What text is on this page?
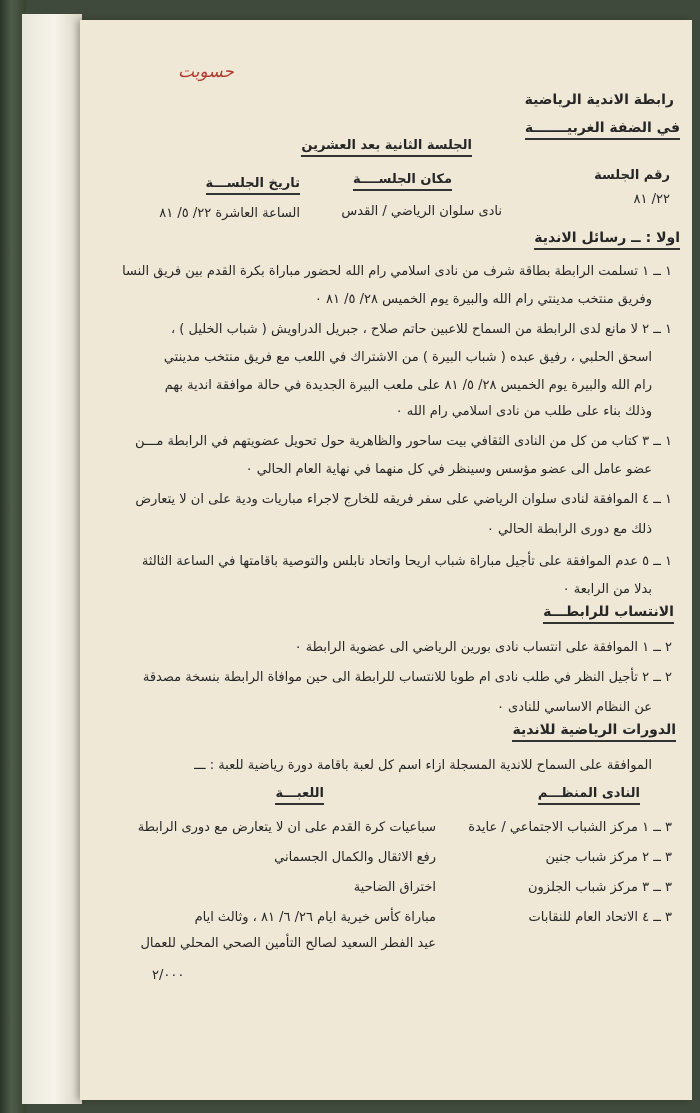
ﺣﺴﻮﺑﺖ
رابطة الاندية الرياضية
في الضفة الغربيـــــــة
الجلسة الثانية بعد العشرين
رقم الجلسة
٢٢/ ٨١
مكان الجلســــة
نادى سلوان الرياضي / القدس
تاريخ الجلســـة
الساعة العاشرة ٢٢/ ٥/ ٨١
اولا : ــ رسائل الاندية
١ ــ ١ تسلمت الرابطة بطاقة شرف من نادى اسلامي رام الله لحضور مباراة بكرة القدم بين فريق النسا
وفريق منتخب مدينتي رام الله والبيرة يوم الخميس ٢٨/ ٥/ ٨١ ٠
١ ــ ٢ لا مانع لدى الرابطة من السماح للاعبين حاتم صلاح ، جبريل الدراويش ( شباب الخليل ) ،
اسحق الحلبي ، رفيق عبده ( شباب البيرة ) من الاشتراك في اللعب مع فريق منتخب مدينتي
رام الله والبيرة يوم الخميس ٢٨/ ٥/ ٨١ على ملعب البيرة الجديدة في حالة موافقة اندية بهم
وذلك بناء على طلب من نادى اسلامي رام الله ٠
١ ــ ٣ كتاب من كل من النادى الثقافي بيت ساحور والظاهرية حول تحويل عضويتهم في الرابطة مـــن
عضو عامل الى عضو مؤسس وسينظر في كل منهما في نهاية العام الحالي ٠
١ ــ ٤ الموافقة لنادى سلوان الرياضي على سفر فريقه للخارج لاجراء مباريات ودية على ان لا يتعارض
ذلك مع دورى الرابطة الحالي ٠
١ ــ ٥ عدم الموافقة على تأجيل مباراة شباب اريحا واتحاد نابلس والتوصية باقامتها في الساعة الثالثة
بدلا من الرابعة ٠
الانتساب للرابطـــة
٢ ــ ١ الموافقة على انتساب نادى بورين الرياضي الى عضوية الرابطة ٠
٢ ــ ٢ تأجيل النظر في طلب نادى ام طوبا للانتساب للرابطة الى حين موافاة الرابطة بنسخة مصدقة
عن النظام الاساسي للنادى ٠
الدورات الرياضية للاندية
الموافقة على السماح للاندية المسجلة ازاء اسم كل لعبة باقامة دورة رياضية للعبة : ـــ
النادى المنظـــم
اللعبـــة
٣ ــ ١ مركز الشباب الاجتماعي / عايدة
سباعيات كرة القدم على ان لا يتعارض مع دورى الرابطة
٣ ــ ٢ مركز شباب جنين
رفع الاثقال والكمال الجسماني
٣ ــ ٣ مركز شباب الجلزون
اختراق الضاحية
٣ ــ ٤ الاتحاد العام للنقابات
مباراة كأس خيرية ايام ٢٦/ ٦/ ٨١ ، وثالث ايام
عيد الفطر السعيد لصالح التأمين الصحي المحلي للعمال
٢/٠٠٠
